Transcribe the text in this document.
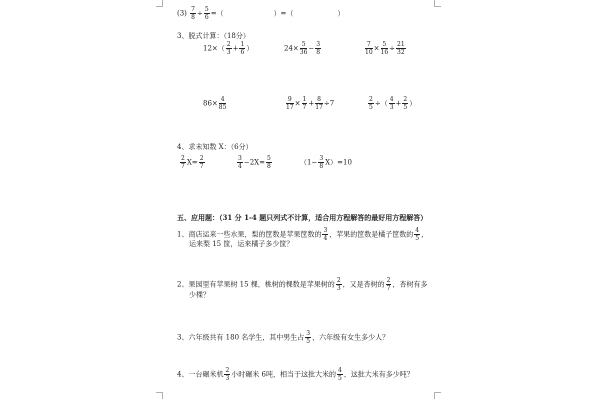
$(3) \frac{7}{8} \div \frac{5}{6}$ =（	）=（	）
3、脱式计算：（18分）
$12\times( \frac{2}{3} + \frac{1}{6}$ ）	$24\times \frac{5}{36} - \frac{3}{8}$	$\frac{7}{10} \times \frac{5}{16} \div \frac{21}{32}$
$86\times \frac{4}{85}$	$\frac{9}{17} \times \frac{1}{7} + \frac{8}{17} \div 7$	$\frac{2}{5}$ ÷（ $\frac{4}{3} + \frac{2}{5}$ ）
4、求未知数 X：（6分）
$\frac{2}{7} X= \frac{2}{7}$	$\frac{3}{4} -2X= \frac{5}{8}$	$(1- \frac{3}{8} X)=10$
五、应用题：（31 分 1-4 题只列式不计算，适合用方程解答的最好用方程解答）
1、商店运来一些水果，梨的筐数是苹果筐数的 $\frac{3}{4}$ ，苹果的筐数是橘子筐数的 $\frac{4}{5}$ ，
运来梨 15 筐，运来橘子多少筐？
2、果园里有苹果树 15 棵，桃树的棵数是苹果树的 $\frac{2}{3}$ ，又是杏树的 $\frac{2}{7}$ ，杏树有多
少棵？
3、六年级共有 180 名学生，其中男生占 $\frac{3}{5}$ ，六年级有女生多少人？
4、一台碾米机 $\frac{2}{3}$ 小时碾米 6吨，相当于这批大米的 $\frac{4}{5}$ ，这批大米有多少吨？
